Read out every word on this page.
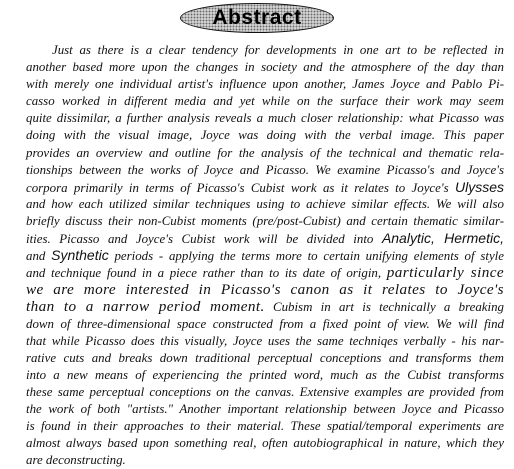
Abstract
Just as there is a clear tendency for developments in one art to be reflected in
another based more upon the changes in society and the atmosphere of the day than
with merely one individual artist's influence upon another, James Joyce and Pablo Pi-
casso worked in different media and yet while on the surface their work may seem
quite dissimilar, a further analysis reveals a much closer relationship: what Picasso was
doing with the visual image, Joyce was doing with the verbal image. This paper
provides an overview and outline for the analysis of the technical and thematic rela-
tionships between the works of Joyce and Picasso. We examine Picasso's and Joyce's
corpora primarily in terms of Picasso's Cubist work as it relates to Joyce's Ulysses
and how each utilized similar techniques using to achieve similar effects. We will also
briefly discuss their non-Cubist moments (pre/post-Cubist) and certain thematic similar-
ities. Picasso and Joyce's Cubist work will be divided into Analytic, Hermetic,
and Synthetic periods - applying the terms more to certain unifying elements of style
and technique found in a piece rather than to its date of origin, particularly since
we are more interested in Picasso's canon as it relates to Joyce's
than to a narrow period moment. Cubism in art is technically a breaking
down of three-dimensional space constructed from a fixed point of view. We will find
that while Picasso does this visually, Joyce uses the same techniqes verbally - his nar-
rative cuts and breaks down traditional perceptual conceptions and transforms them
into a new means of experiencing the printed word, much as the Cubist transforms
these same perceptual conceptions on the canvas. Extensive examples are provided from
the work of both "artists." Another important relationship between Joyce and Picasso
is found in their approaches to their material. These spatial/temporal experiments are
almost always based upon something real, often autobiographical in nature, which they
are deconstructing.
